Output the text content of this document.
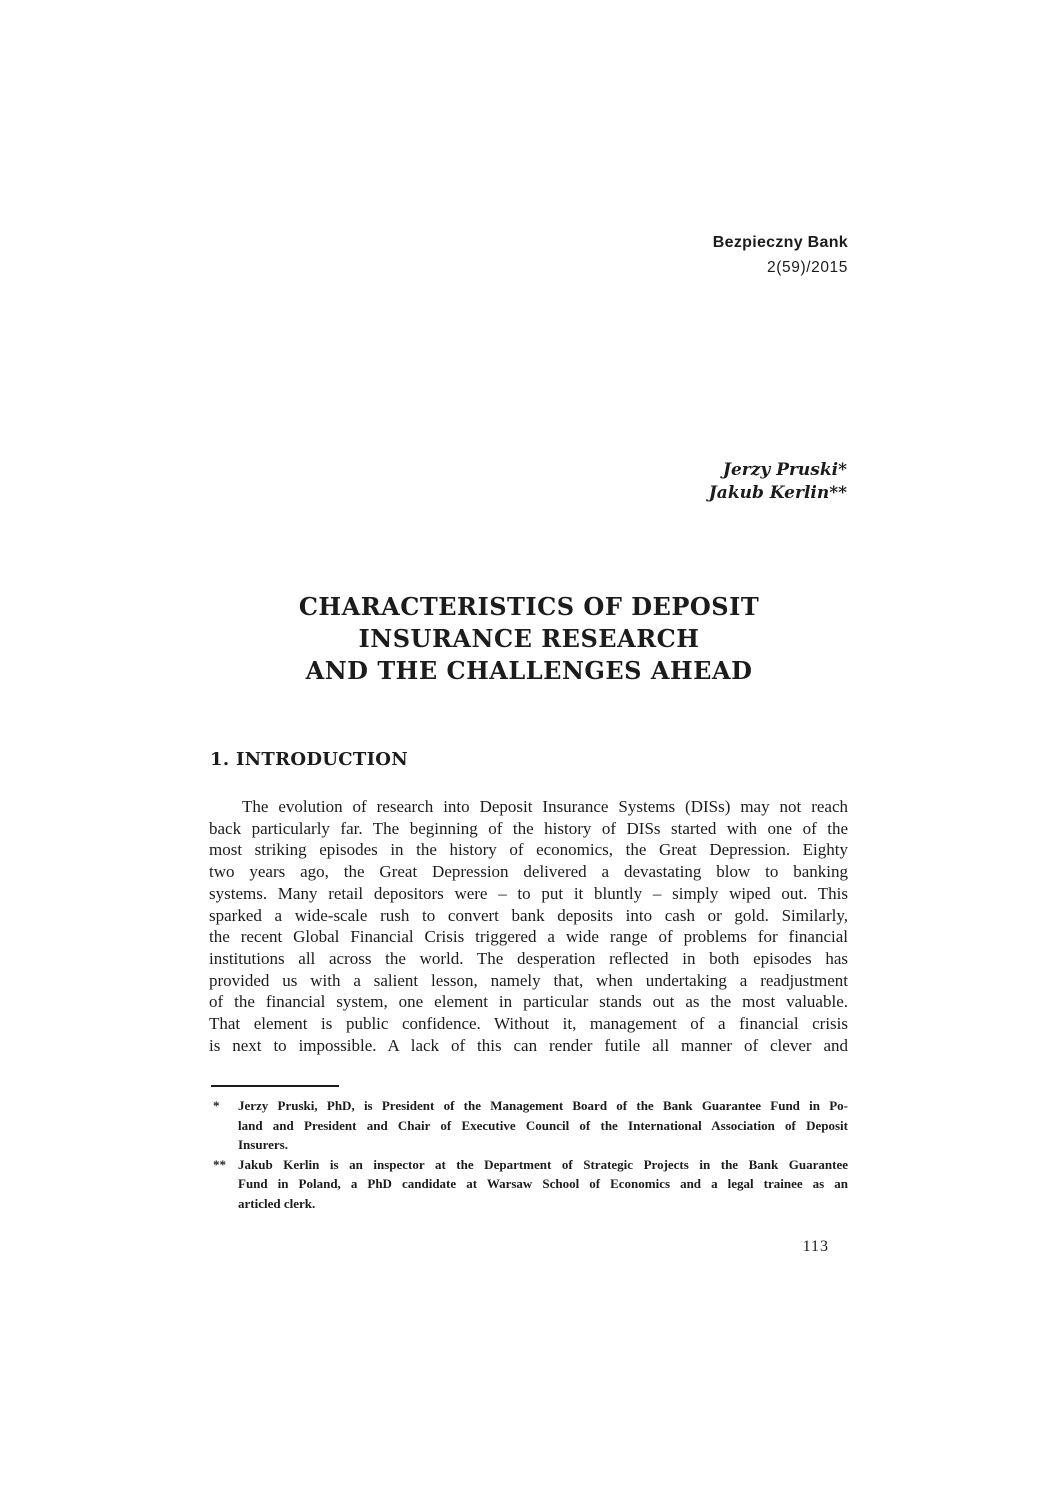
Bezpieczny Bank
2(59)/2015
Jerzy Pruski*
Jakub Kerlin**
CHARACTERISTICS OF DEPOSIT
INSURANCE RESEARCH
AND THE CHALLENGES AHEAD
1. INTRODUCTION
The evolution of research into Deposit Insurance Systems (DISs) may not reach
back particularly far. The beginning of the history of DISs started with one of the
most striking episodes in the history of economics, the Great Depression. Eighty
two years ago, the Great Depression delivered a devastating blow to banking
systems. Many retail depositors were – to put it bluntly – simply wiped out. This
sparked a wide-scale rush to convert bank deposits into cash or gold. Similarly,
the recent Global Financial Crisis triggered a wide range of problems for financial
institutions all across the world. The desperation reflected in both episodes has
provided us with a salient lesson, namely that, when undertaking a readjustment
of the financial system, one element in particular stands out as the most valuable.
That element is public confidence. Without it, management of a financial crisis
is next to impossible. A lack of this can render futile all manner of clever and
* Jerzy Pruski, PhD, is President of the Management Board of the Bank Guarantee Fund in Po-
land and President and Chair of Executive Council of the International Association of Deposit
Insurers.
** Jakub Kerlin is an inspector at the Department of Strategic Projects in the Bank Guarantee
Fund in Poland, a PhD candidate at Warsaw School of Economics and a legal trainee as an
articled clerk.
113
